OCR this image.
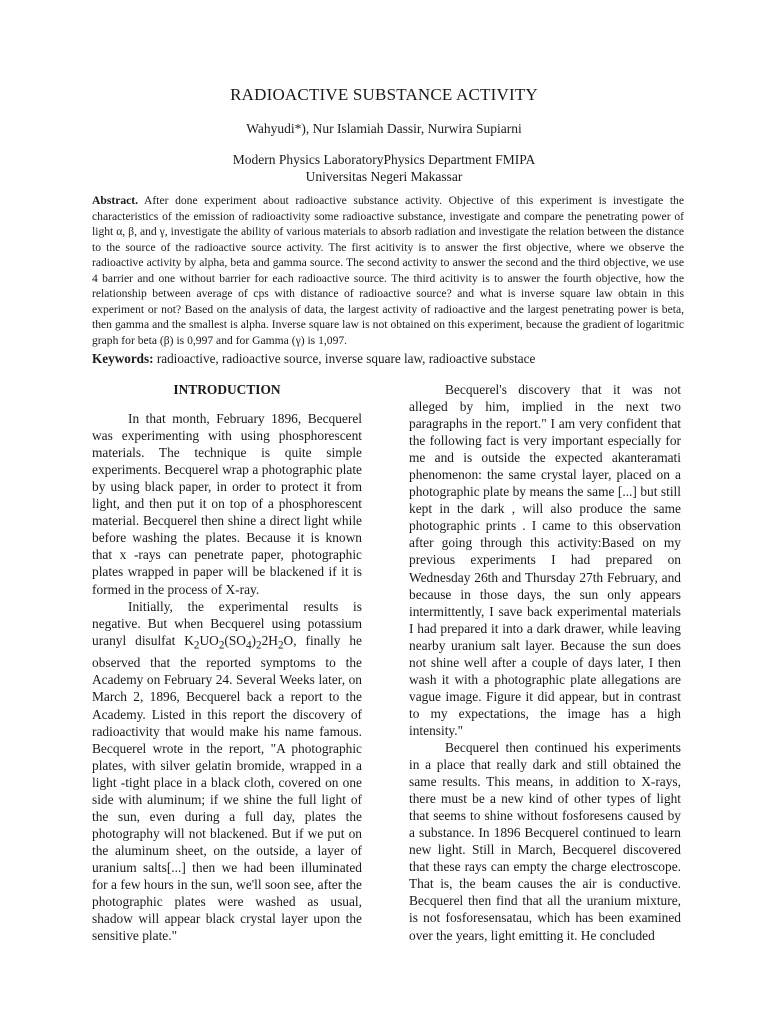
RADIOACTIVE SUBSTANCE ACTIVITY
Wahyudi*), Nur Islamiah Dassir, Nurwira Supiarni
Modern Physics LaboratoryPhysics Department FMIPA
Universitas Negeri Makassar
Abstract. After done experiment about radioactive substance activity. Objective of this experiment is investigate the characteristics of the emission of radioactivity some radioactive substance, investigate and compare the penetrating power of light α, β, and γ, investigate the ability of various materials to absorb radiation and investigate the relation between the distance to the source of the radioactive source activity. The first acitivity is to answer the first objective, where we observe the radioactive activity by alpha, beta and gamma source. The second activity to answer the second and the third objective, we use 4 barrier and one without barrier for each radioactive source. The third acitivity is to answer the fourth objective, how the relationship between average of cps with distance of radioactive source? and what is inverse square law obtain in this experiment or not? Based on the analysis of data, the largest activity of radioactive and the largest penetrating power is beta, then gamma and the smallest is alpha. Inverse square law is not obtained on this experiment, because the gradient of logaritmic graph for beta (β) is 0,997 and for Gamma (γ) is 1,097.
Keywords: radioactive, radioactive source, inverse square law, radioactive substace
INTRODUCTION

In that month, February 1896, Becquerel was experimenting with using phosphorescent materials. The technique is quite simple experiments. Becquerel wrap a photographic plate by using black paper, in order to protect it from light, and then put it on top of a phosphorescent material. Becquerel then shine a direct light while before washing the plates. Because it is known that x -rays can penetrate paper, photographic plates wrapped in paper will be blackened if it is formed in the process of X-ray.

Initially, the experimental results is negative. But when Becquerel using potassium uranyl disulfat $K_2UO_2(SO_4)_22H_2O$, finally he observed that the reported symptoms to the Academy on February 24. Several Weeks later, on March 2, 1896, Becquerel back a report to the Academy. Listed in this report the discovery of radioactivity that would make his name famous. Becquerel wrote in the report, "A photographic plates, with silver gelatin bromide, wrapped in a light -tight place in a black cloth, covered on one side with aluminum; if we shine the full light of the sun, even during a full day, plates the photography will not blackened. But if we put on the aluminum sheet, on the outside, a layer of uranium salts[...] then we had been illuminated for a few hours in the sun, we'll soon see, after the photographic plates were washed as usual, shadow will appear black crystal layer upon the sensitive plate."

Becquerel's discovery that it was not alleged by him, implied in the next two paragraphs in the report." I am very confident that the following fact is very important especially for me and is outside the expected akanteramati phenomenon: the same crystal layer, placed on a photographic plate by means the same [...] but still kept in the dark , will also produce the same photographic prints . I came to this observation after going through this activity:Based on my previous experiments I had prepared on Wednesday 26th and Thursday 27th February, and because in those days, the sun only appears intermittently, I save back experimental materials I had prepared it into a dark drawer, while leaving nearby uranium salt layer. Because the sun does not shine well after a couple of days later, I then wash it with a photographic plate allegations are vague image. Figure it did appear, but in contrast to my expectations, the image has a high intensity."

Becquerel then continued his experiments in a place that really dark and still obtained the same results. This means, in addition to X-rays, there must be a new kind of other types of light that seems to shine without fosforesens caused by a substance. In 1896 Becquerel continued to learn new light. Still in March, Becquerel discovered that these rays can empty the charge electroscope. That is, the beam causes the air is conductive. Becquerel then find that all the uranium mixture, is not fosforesensatau, which has been examined over the years, light emitting it. He concluded
